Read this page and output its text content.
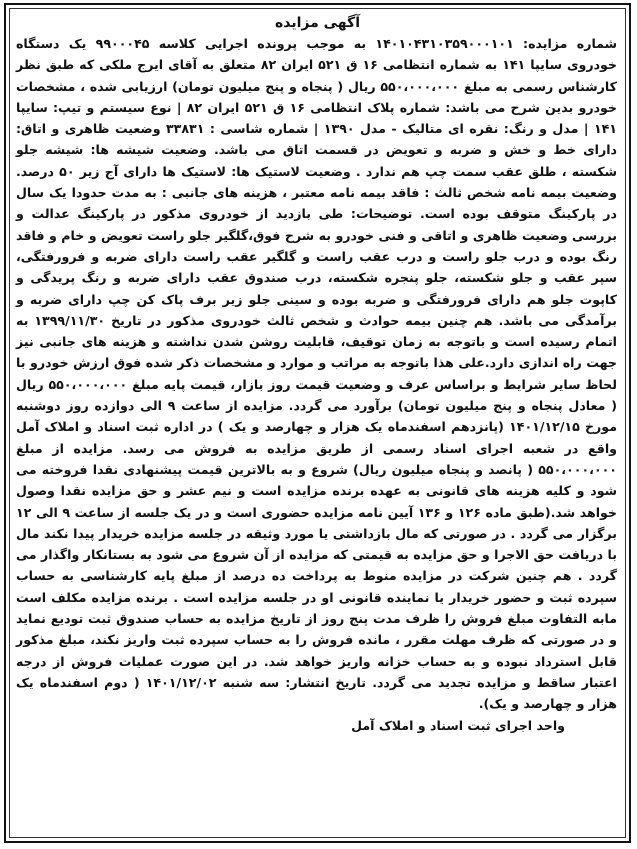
آگهی مزایده

شماره مزایده: ۱۴۰۱۰۴۳۱۰۳۵۹۰۰۰۱۰۱ به موجب پرونده اجرایی کلاسه ۹۹۰۰۰۴۵ یک دستگاه خودروی سایپا ۱۴۱ به شماره انتظامی ۱۶ ق ۵۲۱ ایران ۸۲ متعلق به آقای ایرج ملکی که طبق نظر کارشناس رسمی به مبلغ ۵۵۰،۰۰۰،۰۰۰ ریال ( پنجاه و پنج میلیون تومان) ارزیابی شده ، مشخصات خودرو بدین شرح می باشد: شماره پلاک انتظامی ۱۶ ق ۵۲۱ ایران ۸۲ | نوع سیستم و تیپ: سایپا ۱۴۱ | مدل و رنگ: نقره ای متالیک - مدل ۱۳۹۰ | شماره شاسی : ۳۳۸۳۱ وضعیت ظاهری و اتاق: دارای خط و خش و ضربه و تعویض در قسمت اتاق می باشد. وضعیت شیشه ها: شیشه جلو شکسته ، طلق عقب سمت چپ هم ندارد . وضعیت لاستیک ها: لاستیک ها دارای آج زیر ۵۰ درصد. وضعیت بیمه نامه شخص ثالث : فاقد بیمه نامه معتبر ، هزینه های جانبی : به مدت حدودا یک سال در پارکینگ متوقف بوده است. توضیحات: طی بازدید از خودروی مذکور در پارکینگ عدالت و بررسی وضعیت ظاهری و اتاقی و فنی خودرو به شرح فوق،گلگیر جلو راست تعویض و خام و فاقد رنگ بوده و درب جلو راست و درب عقب راست و گلگیر عقب راست دارای ضربه و فرورفتگی، سپر عقب و جلو شکسته، جلو پنجره شکسته، درب صندوق عقب دارای ضربه و رنگ پریدگی و کاپوت جلو هم دارای فرورفتگی و ضربه بوده و سینی جلو زیر برف پاک کن چپ دارای ضربه و برآمدگی می باشد. هم چنین بیمه حوادث و شخص ثالث خودروی مذکور در تاریخ ۱۳۹۹/۱۱/۳۰ به اتمام رسیده است و باتوجه به زمان توقیف، قابلیت روشن شدن نداشته و هزینه های جانبی نیز جهت راه اندازی دارد.علی هذا باتوجه به مراتب و موارد و مشخصات ذکر شده فوق ارزش خودرو با لحاظ سایر شرایط و براساس عرف و وضعیت قیمت روز بازار، قیمت پایه مبلغ ۵۵۰،۰۰۰،۰۰۰ ریال ( معادل پنجاه و پنج میلیون تومان) برآورد می گردد. مزایده از ساعت ۹ الی دوازده روز دوشنبه مورخ ۱۴۰۱/۱۲/۱۵ (پانزدهم اسفندماه یک هزار و چهارصد و یک ) در اداره ثبت اسناد و املاک آمل واقع در شعبه اجرای اسناد رسمی از طریق مزایده به فروش می رسد. مزایده از مبلغ ۵۵۰،۰۰۰،۰۰۰ ( پانصد و پنجاه میلیون ریال) شروع و به بالاترین قیمت پیشنهادی نقدا فروخته می شود و کلیه هزینه های قانونی به عهده برنده مزایده است و نیم عشر و حق مزایده نقدا وصول خواهد شد.(طبق ماده ۱۲۶ و ۱۳۶ آیین نامه مزایده حضوری است و در یک جلسه از ساعت ۹ الی ۱۲ برگزار می گردد . در صورتی که مال بازداشتی یا مورد وثیقه در جلسه مزایده خریدار پیدا نکند مال با دریافت حق الاجرا و حق مزایده به قیمتی که مزایده از آن شروع می شود به بستانکار واگذار می گردد . هم چنین شرکت در مزایده منوط به پرداخت ده درصد از مبلغ پایه کارشناسی به حساب سپرده ثبت و حضور خریدار یا نماینده قانونی او در جلسه مزایده است . برنده مزایده مکلف است مابه التفاوت مبلغ فروش را ظرف مدت پنج روز از تاریخ مزایده به حساب صندوق ثبت تودیع نماید و در صورتی که ظرف مهلت مقرر ، مانده فروش را به حساب سپرده ثبت واریز نکند، مبلغ مذکور قابل استرداد نبوده و به حساب خزانه واریز خواهد شد. در این صورت عملیات فروش از درجه اعتبار ساقط و مزایده تجدید می گردد. تاریخ انتشار: سه شنبه ۱۴۰۱/۱۲/۰۲ ( دوم اسفندماه یک هزار و چهارصد و یک).

واحد اجرای ثبت اسناد و املاک آمل
